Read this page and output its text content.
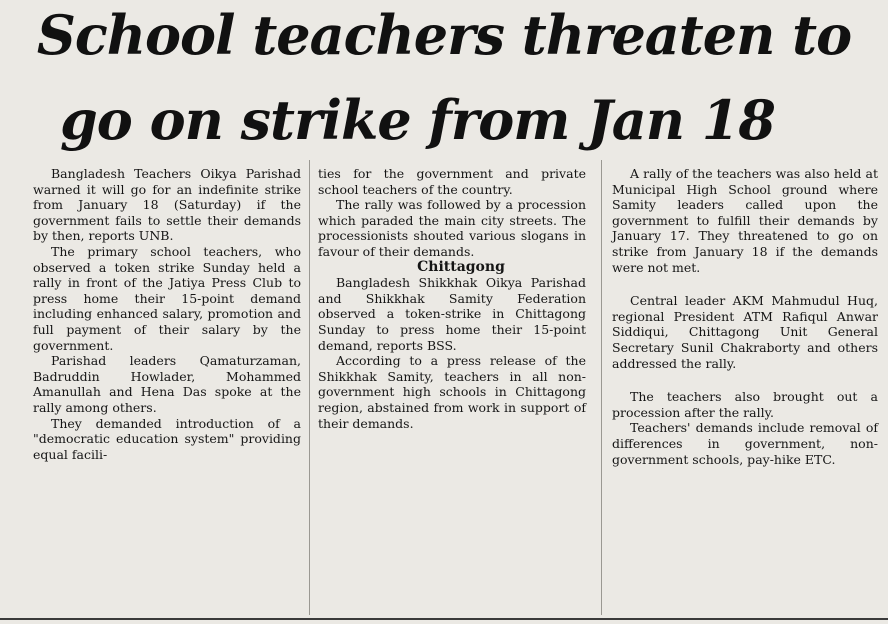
School teachers threaten to
go on strike from Jan 18

Bangladesh Teachers Oikya Parishad warned it will go for an indefinite strike from January 18 (Saturday) if the government fails to settle their demands by then, reports UNB.

The primary school teachers, who observed a token strike Sunday held a rally in front of the Jatiya Press Club to press home their 15-point demand including enhanced salary, promotion and full payment of their salary by the government.

Parishad leaders Qamaturzaman, Badruddin Howlader, Mohammed Amanullah and Hena Das spoke at the rally among others.

They demanded introduction of a "democratic education system" providing equal facili-

ties for the government and private school teachers of the country.

The rally was followed by a procession which paraded the main city streets. The processionists shouted various slogans in favour of their demands.

Chittagong

Bangladesh Shikkhak Oikya Parishad and Shikkhak Samity Federation observed a token-strike in Chittagong Sunday to press home their 15-point demand, reports BSS.

According to a press release of the Shikkhak Samity, teachers in all non-government high schools in Chittagong region, abstained from work in support of their demands.

A rally of the teachers was also held at Municipal High School ground where Samity leaders called upon the government to fulfill their demands by January 17. They threatened to go on strike from January 18 if the demands were not met.

Central leader AKM Mahmudul Huq, regional President ATM Rafiqul Anwar Siddiqui, Chittagong Unit General Secretary Sunil Chakraborty and others addressed the rally.

The teachers also brought out a procession after the rally.

Teachers' demands include removal of differences in government, non-government schools, pay-hike ETC.
